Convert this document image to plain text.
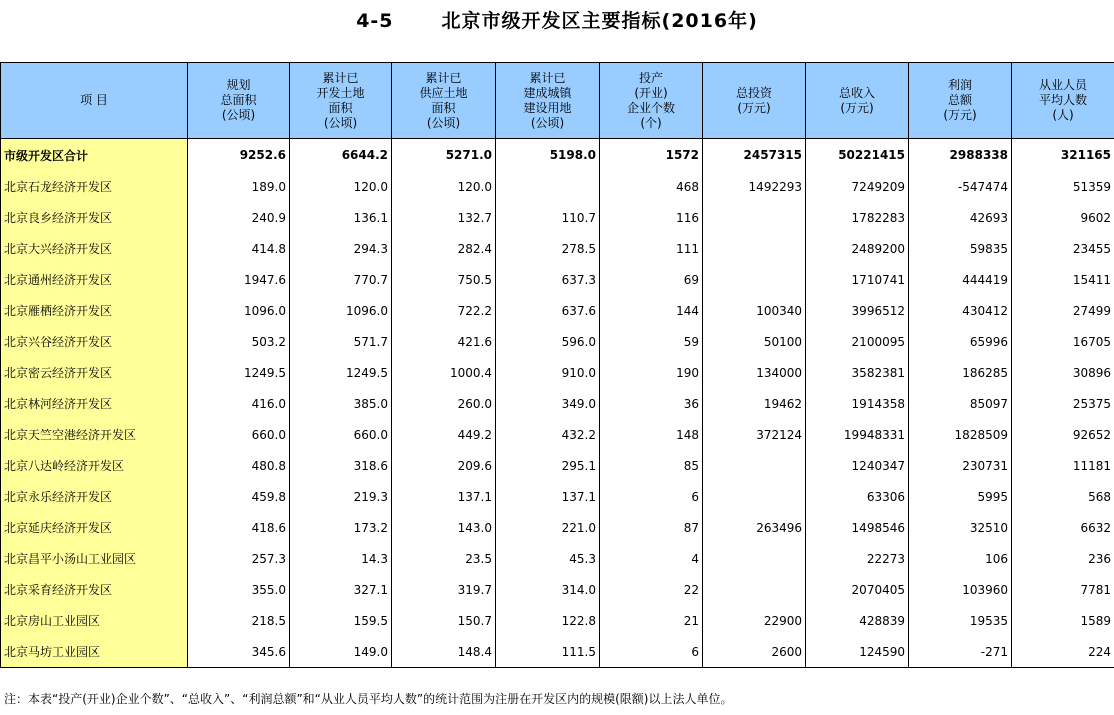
4-5	北京市级开发区主要指标(2016年)
项 目	规划
总面积
(公顷)	累计已
开发土地
面积
(公顷)	累计已
供应土地
面积
(公顷)	累计已
建成城镇
建设用地
(公顷)	投产
(开业)
企业个数
(个)	总投资
(万元)	总收入
(万元)	利润
总额
(万元)	从业人员
平均人数
(人)
市级开发区合计	9252.6	6644.2	5271.0	5198.0	1572	2457315	50221415	2988338	321165
北京石龙经济开发区	189.0	120.0	120.0		468	1492293	7249209	-547474	51359
北京良乡经济开发区	240.9	136.1	132.7	110.7	116		1782283	42693	9602
北京大兴经济开发区	414.8	294.3	282.4	278.5	111		2489200	59835	23455
北京通州经济开发区	1947.6	770.7	750.5	637.3	69		1710741	444419	15411
北京雁栖经济开发区	1096.0	1096.0	722.2	637.6	144	100340	3996512	430412	27499
北京兴谷经济开发区	503.2	571.7	421.6	596.0	59	50100	2100095	65996	16705
北京密云经济开发区	1249.5	1249.5	1000.4	910.0	190	134000	3582381	186285	30896
北京林河经济开发区	416.0	385.0	260.0	349.0	36	19462	1914358	85097	25375
北京天竺空港经济开发区	660.0	660.0	449.2	432.2	148	372124	19948331	1828509	92652
北京八达岭经济开发区	480.8	318.6	209.6	295.1	85		1240347	230731	11181
北京永乐经济开发区	459.8	219.3	137.1	137.1	6		63306	5995	568
北京延庆经济开发区	418.6	173.2	143.0	221.0	87	263496	1498546	32510	6632
北京昌平小汤山工业园区	257.3	14.3	23.5	45.3	4		22273	106	236
北京采育经济开发区	355.0	327.1	319.7	314.0	22		2070405	103960	7781
北京房山工业园区	218.5	159.5	150.7	122.8	21	22900	428839	19535	1589
北京马坊工业园区	345.6	149.0	148.4	111.5	6	2600	124590	-271	224
注：本表“投产(开业)企业个数”、“总收入”、“利润总额”和“从业人员平均人数”的统计范围为注册在开发区内的规模(限额)以上法人单位。
